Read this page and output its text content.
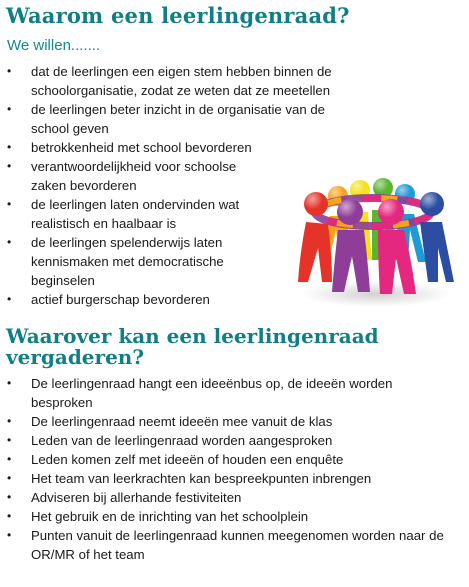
Waarom een leerlingenraad?
We willen.......
• dat de leerlingen een eigen stem hebben binnen de schoolorganisatie, zodat ze weten dat ze meetellen
• de leerlingen beter inzicht in de organisatie van de school geven
• betrokkenheid met school bevorderen
• verantwoordelijkheid voor schoolse zaken bevorderen
• de leerlingen laten ondervinden wat realistisch en haalbaar is
• de leerlingen spelenderwijs laten kennismaken met democratische beginselen
• actief burgerschap bevorderen
Waarover kan een leerlingenraad vergaderen?
• De leerlingenraad hangt een ideeënbus op, de ideeën worden besproken
• De leerlingenraad neemt ideeën mee vanuit de klas
• Leden van de leerlingenraad worden aangesproken
• Leden komen zelf met ideeën of houden een enquête
• Het team van leerkrachten kan bespreekpunten inbrengen
• Adviseren bij allerhande festiviteiten
• Het gebruik en de inrichting van het schoolplein
• Punten vanuit de leerlingenraad kunnen meegenomen worden naar de OR/MR of het team
